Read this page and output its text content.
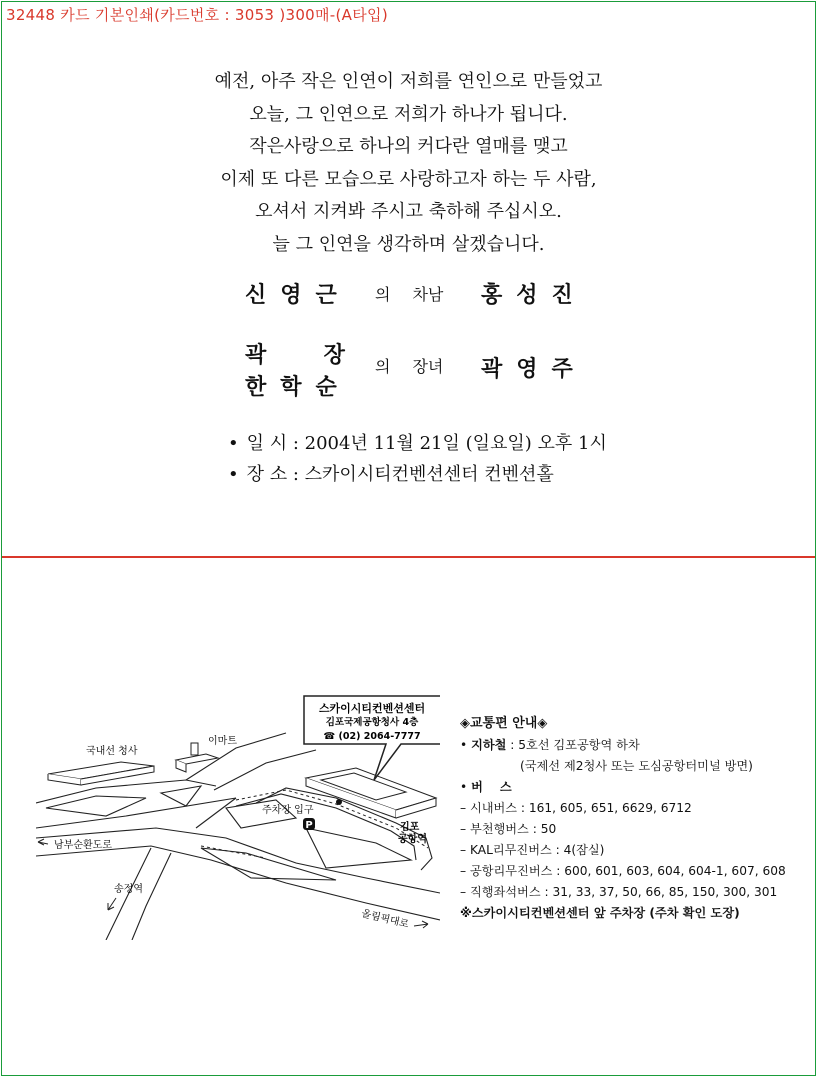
32448 카드 기본인쇄(카드번호 : 3053 )300매-(A타입)
예전, 아주 작은 인연이 저희를 연인으로 만들었고
오늘, 그 인연으로 저희가 하나가 됩니다.
작은사랑으로 하나의 커다란 열매를 맺고
이제 또 다른 모습으로 사랑하고자 하는 두 사람,
오셔서 지켜봐 주시고 축하해 주십시오.
늘 그 인연을 생각하며 살겠습니다.
신영근 의 차남 홍성진
곽  장
한학순
의 장녀 곽영주
• 일 시 : 2004년 11월 21일 (일요일) 오후 1시
• 장 소 : 스카이시티컨벤션센터 컨벤션홀
스카이시티컨벤션센터
김포국제공항청사 4층
☎ (02) 2064-7777
국내선 청사
이마트
주차장 입구
P	김포
공항역
남부순환도로
송정역
올림픽대로
◈교통편 안내◈
• 지하철 : 5호선 김포공항역 하차
(국제선 제2청사 또는 도심공항터미널 방면)
• 버    스
– 시내버스 : 161, 605, 651, 6629, 6712
– 부천행버스 : 50
– KAL리무진버스 : 4(잠실)
– 공항리무진버스 : 600, 601, 603, 604, 604-1, 607, 608
– 직행좌석버스 : 31, 33, 37, 50, 66, 85, 150, 300, 301
※스카이시티컨벤션센터 앞 주차장 (주차 확인 도장)
